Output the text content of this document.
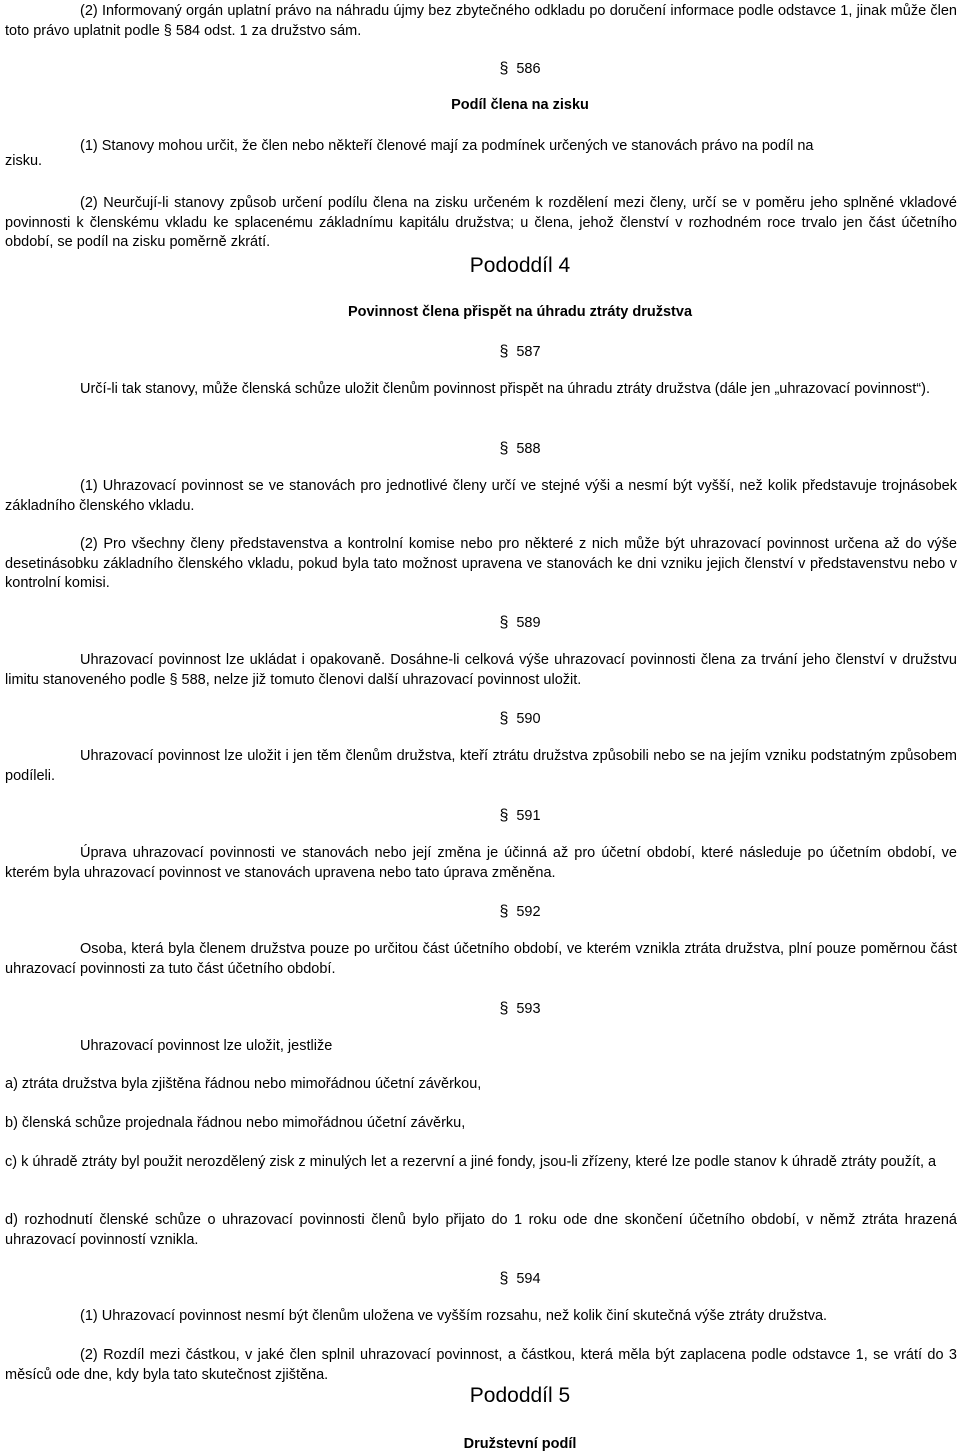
(2) Informovaný orgán uplatní právo na náhradu újmy bez zbytečného odkladu po doručení informace podle odstavce 1, jinak může člen toto právo uplatnit podle § 584 odst. 1 za družstvo sám.

§ 586

Podíl člena na zisku

(1) Stanovy mohou určit, že člen nebo někteří členové mají za podmínek určených ve stanovách právo na podíl na

zisku.

(2) Neurčují-li stanovy způsob určení podílu člena na zisku určeném k rozdělení mezi členy, určí se v poměru jeho splněné vkladové povinnosti k členskému vkladu ke splacenému základnímu kapitálu družstva; u člena, jehož členství v rozhodném roce trvalo jen část účetního období, se podíl na zisku poměrně zkrátí.

Pododdíl 4

Povinnost člena přispět na úhradu ztráty družstva

§ 587

Určí-li tak stanovy, může členská schůze uložit členům povinnost přispět na úhradu ztráty družstva (dále jen „uhrazovací povinnost“).

§ 588

(1) Uhrazovací povinnost se ve stanovách pro jednotlivé členy určí ve stejné výši a nesmí být vyšší, než kolik představuje trojnásobek základního členského vkladu.

(2) Pro všechny členy představenstva a kontrolní komise nebo pro některé z nich může být uhrazovací povinnost určena až do výše desetinásobku základního členského vkladu, pokud byla tato možnost upravena ve stanovách ke dni vzniku jejich členství v představenstvu nebo v kontrolní komisi.

§ 589

Uhrazovací povinnost lze ukládat i opakovaně. Dosáhne-li celková výše uhrazovací povinnosti člena za trvání jeho členství v družstvu limitu stanoveného podle § 588, nelze již tomuto členovi další uhrazovací povinnost uložit.

§ 590

Uhrazovací povinnost lze uložit i jen těm členům družstva, kteří ztrátu družstva způsobili nebo se na jejím vzniku podstatným způsobem podíleli.

§ 591

Úprava uhrazovací povinnosti ve stanovách nebo její změna je účinná až pro účetní období, které následuje po účetním období, ve kterém byla uhrazovací povinnost ve stanovách upravena nebo tato úprava změněna.

§ 592

Osoba, která byla členem družstva pouze po určitou část účetního období, ve kterém vznikla ztráta družstva, plní pouze poměrnou část uhrazovací povinnosti za tuto část účetního období.

§ 593

Uhrazovací povinnost lze uložit, jestliže

a) ztráta družstva byla zjištěna řádnou nebo mimořádnou účetní závěrkou,

b) členská schůze projednala řádnou nebo mimořádnou účetní závěrku,

c) k úhradě ztráty byl použit nerozdělený zisk z minulých let a rezervní a jiné fondy, jsou-li zřízeny, které lze podle stanov k úhradě ztráty použít, a

d) rozhodnutí členské schůze o uhrazovací povinnosti členů bylo přijato do 1 roku ode dne skončení účetního období, v němž ztráta hrazená uhrazovací povinností vznikla.

§ 594

(1) Uhrazovací povinnost nesmí být členům uložena ve vyšším rozsahu, než kolik činí skutečná výše ztráty družstva.

(2) Rozdíl mezi částkou, v jaké člen splnil uhrazovací povinnost, a částkou, která měla být zaplacena podle odstavce 1, se vrátí do 3 měsíců ode dne, kdy byla tato skutečnost zjištěna.

Pododdíl 5

Družstevní podíl
